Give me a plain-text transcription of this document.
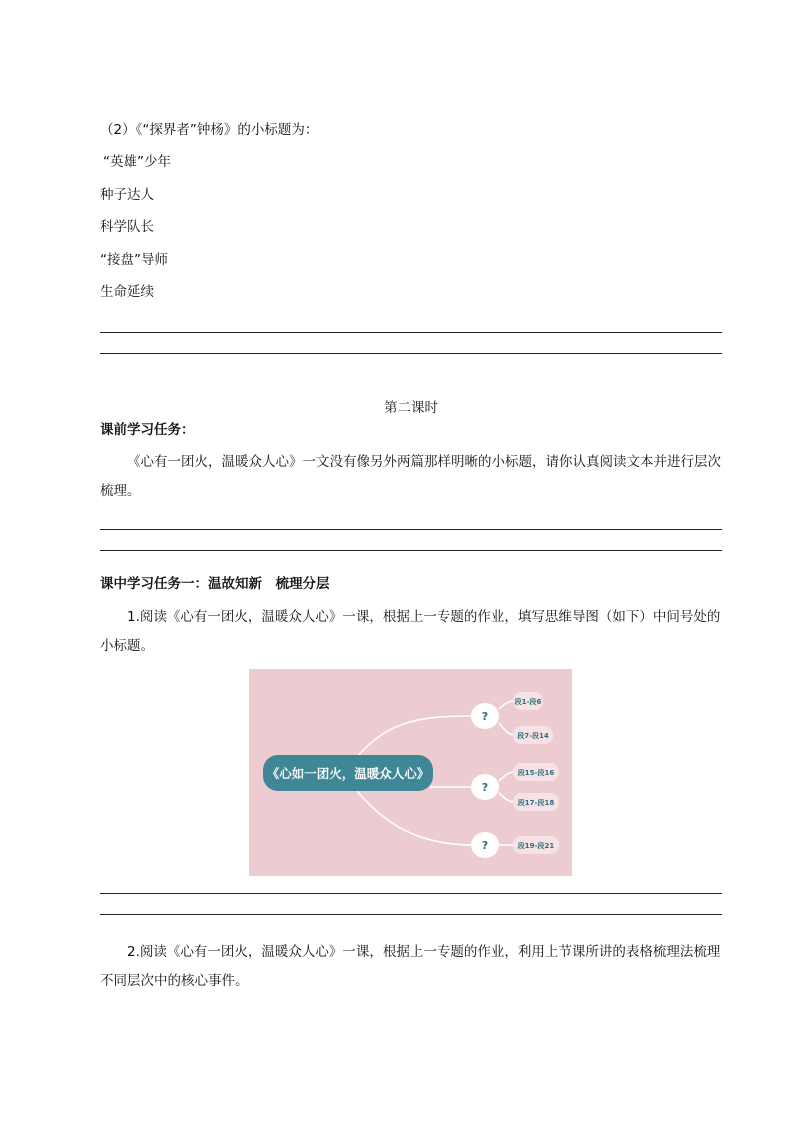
（2）《“探界者”钟杨》的小标题为：
“英雄”少年
种子达人
科学队长
“接盘”导师
生命延续
第二课时
课前学习任务：
《心有一团火，温暖众人心》一文没有像另外两篇那样明晰的小标题，请你认真阅读文本并进行层次梳理。
课中学习任务一：温故知新　梳理分层
1.阅读《心有一团火，温暖众人心》一课，根据上一专题的作业，填写思维导图（如下）中问号处的小标题。
《心如一团火，温暖众人心》
?
?
?
段1-段6
段7-段14
段15-段16
段17-段18
段19-段21
2.阅读《心有一团火，温暖众人心》一课，根据上一专题的作业，利用上节课所讲的表格梳理法梳理不同层次中的核心事件。
